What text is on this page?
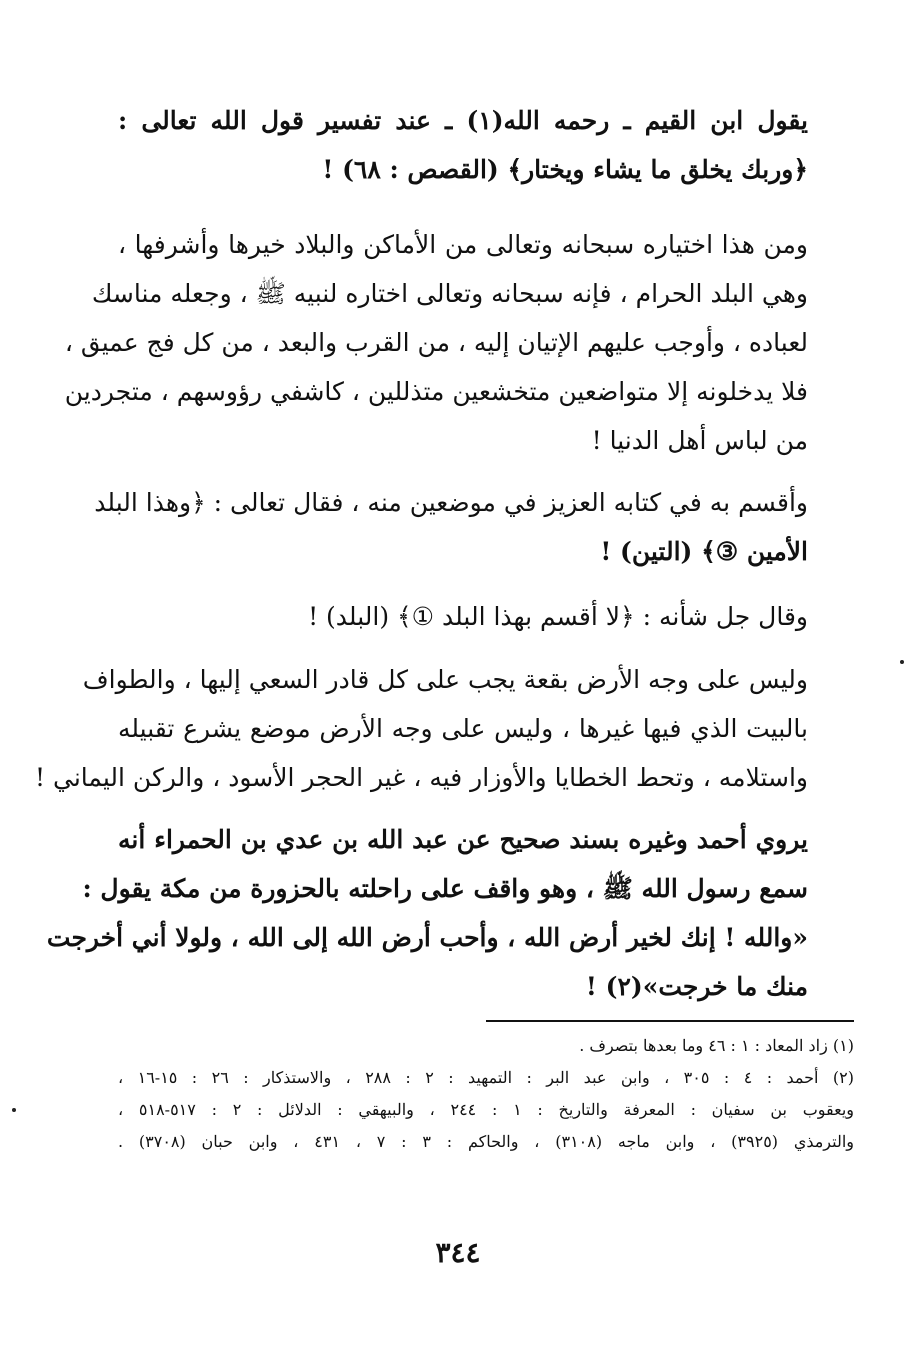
يقول ابن القيم ـ رحمه الله(١) ـ عند تفسير قول الله تعالى :
﴿وربك يخلق ما يشاء ويختار﴾ (القصص : ٦٨) !
ومن هذا اختياره سبحانه وتعالى من الأماكن والبلاد خيرها وأشرفها ،
وهي البلد الحرام ، فإنه سبحانه وتعالى اختاره لنبيه ﷺ ، وجعله مناسك
لعباده ، وأوجب عليهم الإتيان إليه ، من القرب والبعد ، من كل فج عميق ،
فلا يدخلونه إلا متواضعين متخشعين متذللين ، كاشفي رؤوسهم ، متجردين
من لباس أهل الدنيا !
وأقسم به في كتابه العزيز في موضعين منه ، فقال تعالى : ﴿وهذا البلد
الأمين ③﴾ (التين) !
وقال جل شأنه : ﴿لا أقسم بهذا البلد ①﴾ (البلد) !
وليس على وجه الأرض بقعة يجب على كل قادر السعي إليها ، والطواف
بالبيت الذي فيها غيرها ، وليس على وجه الأرض موضع يشرع تقبيله
واستلامه ، وتحط الخطايا والأوزار فيه ، غير الحجر الأسود ، والركن اليماني !
يروي أحمد وغيره بسند صحيح عن عبد الله بن عدي بن الحمراء أنه
سمع رسول الله ﷺ ، وهو واقف على راحلته بالحزورة من مكة يقول :
«والله ! إنك لخير أرض الله ، وأحب أرض الله إلى الله ، ولولا أني أخرجت
منك ما خرجت»(٢) !
(١) زاد المعاد : ١ : ٤٦ وما بعدها بتصرف .
(٢) أحمد : ٤ : ٣٠٥ ، وابن عبد البر : التمهيد : ٢ : ٢٨٨ ، والاستذكار : ٢٦ : ١٥-١٦ ،
ويعقوب بن سفيان : المعرفة والتاريخ : ١ : ٢٤٤ ، والبيهقي : الدلائل : ٢ : ٥١٧-٥١٨ ،
والترمذي (٣٩٢٥) ، وابن ماجه (٣١٠٨) ، والحاكم : ٣ : ٧ ، ٤٣١ ، وابن حبان (٣٧٠٨) .
٣٤٤
